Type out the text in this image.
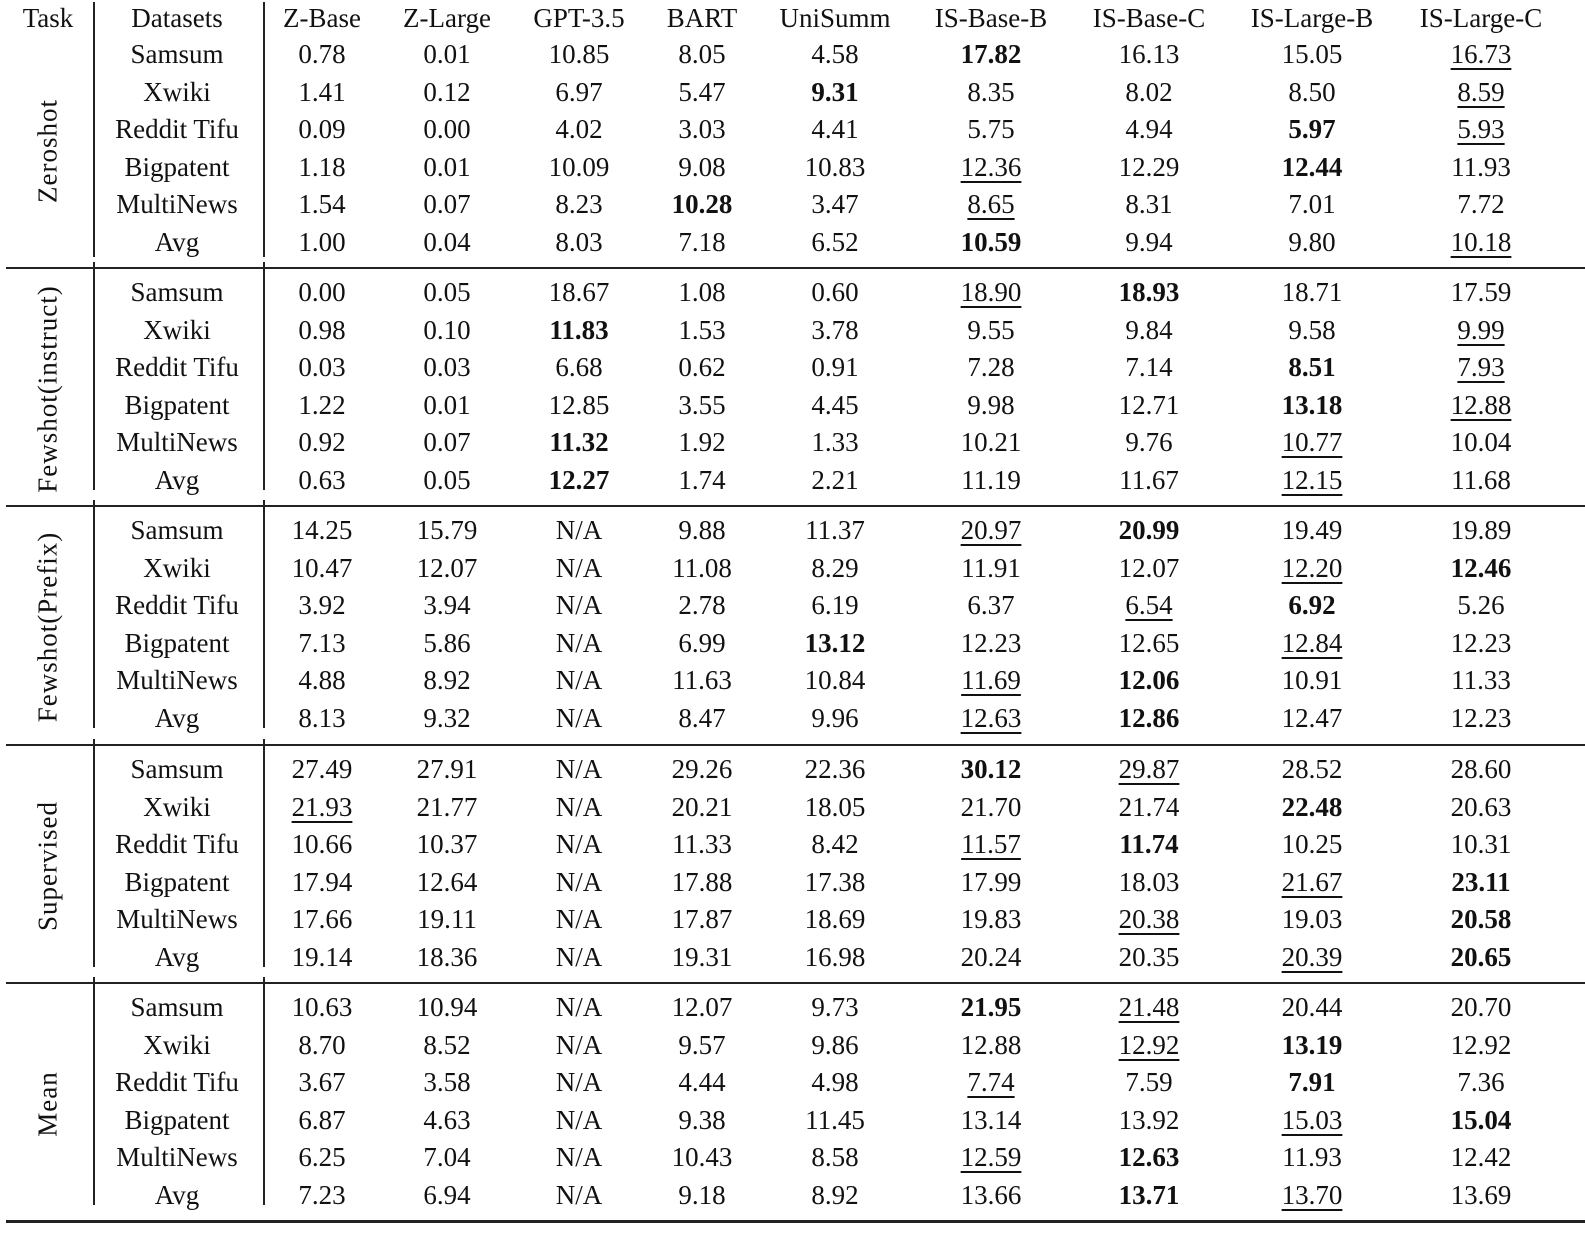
Task	Datasets	Z-Base	Z-Large	GPT-3.5	BART	UniSumm	IS-Base-B	IS-Base-C	IS-Large-B	IS-Large-C
Zeroshot
Samsum	0.78	0.01	10.85	8.05	4.58	17.82	16.13	15.05	16.73
Xwiki	1.41	0.12	6.97	5.47	9.31	8.35	8.02	8.50	8.59
Reddit Tifu	0.09	0.00	4.02	3.03	4.41	5.75	4.94	5.97	5.93
Bigpatent	1.18	0.01	10.09	9.08	10.83	12.36	12.29	12.44	11.93
MultiNews	1.54	0.07	8.23	10.28	3.47	8.65	8.31	7.01	7.72
Avg	1.00	0.04	8.03	7.18	6.52	10.59	9.94	9.80	10.18
Fewshot(instruct)	Samsum	0.00	0.05	18.67	1.08	0.60	18.90	18.93	18.71	17.59
Xwiki	0.98	0.10	11.83	1.53	3.78	9.55	9.84	9.58	9.99
Reddit Tifu	0.03	0.03	6.68	0.62	0.91	7.28	7.14	8.51	7.93
Bigpatent	1.22	0.01	12.85	3.55	4.45	9.98	12.71	13.18	12.88
MultiNews	0.92	0.07	11.32	1.92	1.33	10.21	9.76	10.77	10.04
Avg	0.63	0.05	12.27	1.74	2.21	11.19	11.67	12.15	11.68
Fewshot(Prefix)
Samsum	14.25	15.79	N/A	9.88	11.37	20.97	20.99	19.49	19.89
Xwiki	10.47	12.07	N/A	11.08	8.29	11.91	12.07	12.20	12.46
Reddit Tifu	3.92	3.94	N/A	2.78	6.19	6.37	6.54	6.92	5.26
Bigpatent	7.13	5.86	N/A	6.99	13.12	12.23	12.65	12.84	12.23
MultiNews	4.88	8.92	N/A	11.63	10.84	11.69	12.06	10.91	11.33
Avg	8.13	9.32	N/A	8.47	9.96	12.63	12.86	12.47	12.23
Supervised
Samsum	27.49	27.91	N/A	29.26	22.36	30.12	29.87	28.52	28.60
Xwiki	21.93	21.77	N/A	20.21	18.05	21.70	21.74	22.48	20.63
Reddit Tifu	10.66	10.37	N/A	11.33	8.42	11.57	11.74	10.25	10.31
Bigpatent	17.94	12.64	N/A	17.88	17.38	17.99	18.03	21.67	23.11
MultiNews	17.66	19.11	N/A	17.87	18.69	19.83	20.38	19.03	20.58
Avg	19.14	18.36	N/A	19.31	16.98	20.24	20.35	20.39	20.65
Mean
Samsum	10.63	10.94	N/A	12.07	9.73	21.95	21.48	20.44	20.70
Xwiki	8.70	8.52	N/A	9.57	9.86	12.88	12.92	13.19	12.92
Reddit Tifu	3.67	3.58	N/A	4.44	4.98	7.74	7.59	7.91	7.36
Bigpatent	6.87	4.63	N/A	9.38	11.45	13.14	13.92	15.03	15.04
MultiNews	6.25	7.04	N/A	10.43	8.58	12.59	12.63	11.93	12.42
Avg	7.23	6.94	N/A	9.18	8.92	13.66	13.71	13.70	13.69
